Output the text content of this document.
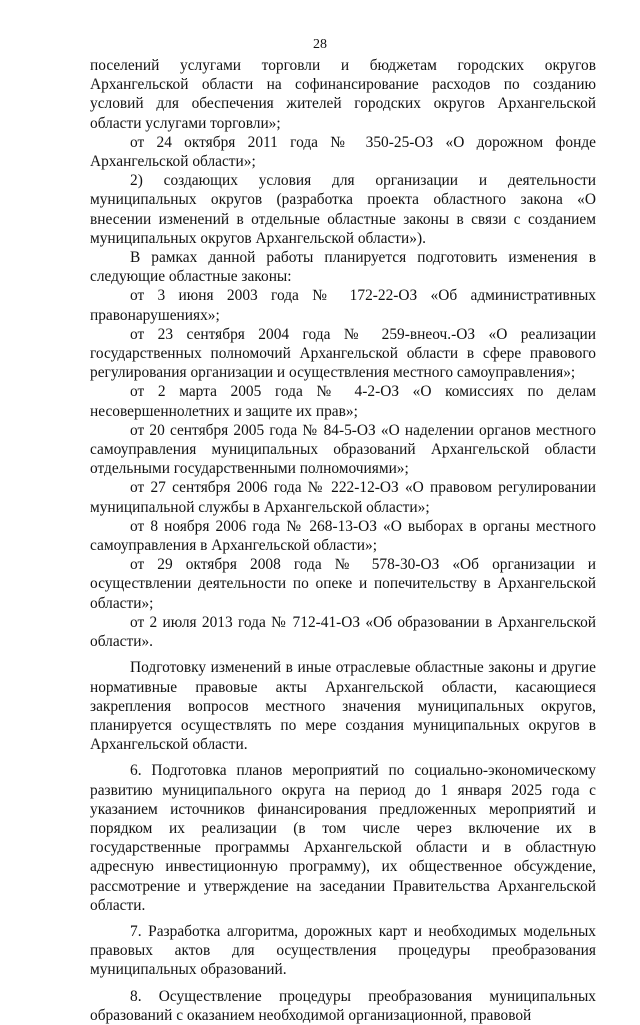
28

поселений услугами торговли и бюджетам городских округов Архангельской области на софинансирование расходов по созданию условий для обеспечения жителей городских округов Архангельской области услугами торговли»;

от 24 октября 2011 года № 350-25-ОЗ «О дорожном фонде Архангельской области»;

2) создающих условия для организации и деятельности муниципальных округов (разработка проекта областного закона «О внесении изменений в отдельные областные законы в связи с созданием муниципальных округов Архангельской области»).

В рамках данной работы планируется подготовить изменения в следующие областные законы:

от 3 июня 2003 года № 172-22-ОЗ «Об административных правонарушениях»;

от 23 сентября 2004 года № 259-внеоч.-ОЗ «О реализации государственных полномочий Архангельской области в сфере правового регулирования организации и осуществления местного самоуправления»;

от 2 марта 2005 года № 4-2-ОЗ «О комиссиях по делам несовершеннолетних и защите их прав»;

от 20 сентября 2005 года № 84-5-ОЗ «О наделении органов местного самоуправления муниципальных образований Архангельской области отдельными государственными полномочиями»;

от 27 сентября 2006 года № 222-12-ОЗ «О правовом регулировании муниципальной службы в Архангельской области»;

от 8 ноября 2006 года № 268-13-ОЗ «О выборах в органы местного самоуправления в Архангельской области»;

от 29 октября 2008 года № 578-30-ОЗ «Об организации и осуществлении деятельности по опеке и попечительству в Архангельской области»;

от 2 июля 2013 года № 712-41-ОЗ «Об образовании в Архангельской области».

Подготовку изменений в иные отраслевые областные законы и другие нормативные правовые акты Архангельской области, касающиеся закрепления вопросов местного значения муниципальных округов, планируется осуществлять по мере создания муниципальных округов в Архангельской области.

6. Подготовка планов мероприятий по социально-экономическому развитию муниципального округа на период до 1 января 2025 года с указанием источников финансирования предложенных мероприятий и порядком их реализации (в том числе через включение их в государственные программы Архангельской области и в областную адресную инвестиционную программу), их общественное обсуждение, рассмотрение и утверждение на заседании Правительства Архангельской области.

7. Разработка алгоритма, дорожных карт и необходимых модельных правовых актов для осуществления процедуры преобразования муниципальных образований.

8. Осуществление процедуры преобразования муниципальных образований с оказанием необходимой организационной, правовой
